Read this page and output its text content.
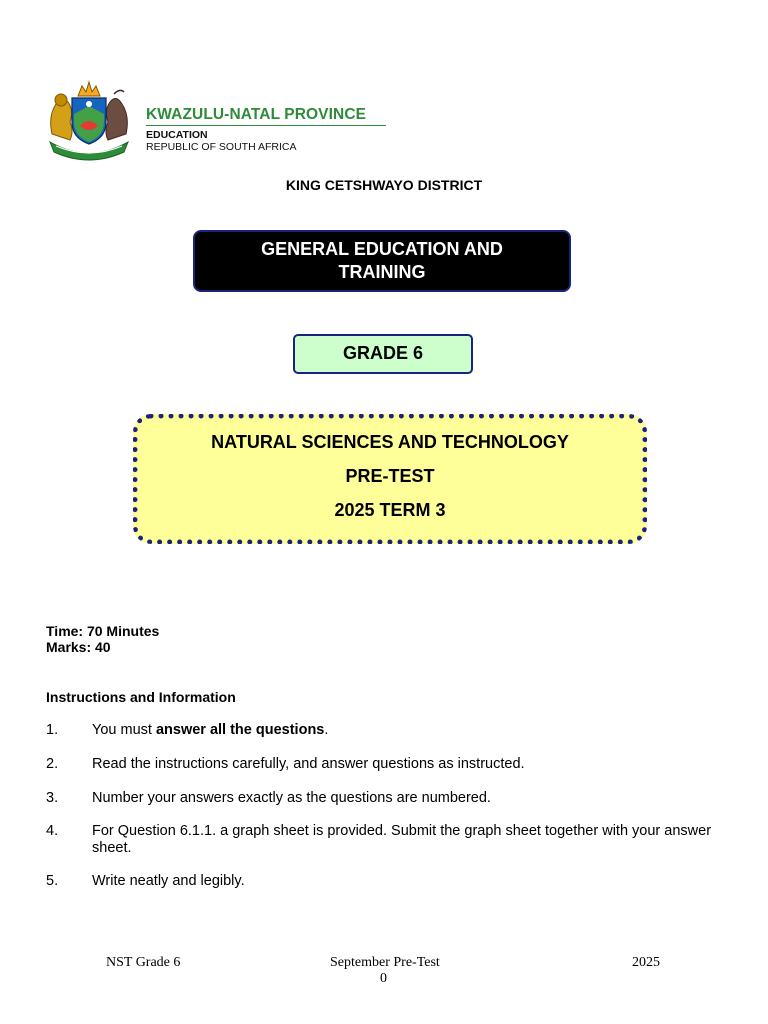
KWAZULU-NATAL PROVINCE
EDUCATION
REPUBLIC OF SOUTH AFRICA
KING CETSHWAYO DISTRICT
GENERAL EDUCATION AND TRAINING
GRADE 6
NATURAL SCIENCES AND TECHNOLOGY
PRE-TEST
2025 TERM 3
Time: 70 Minutes
Marks: 40
Instructions and Information
1. You must answer all the questions.
2. Read the instructions carefully, and answer questions as instructed.
3. Number your answers exactly as the questions are numbered.
4. For Question 6.1.1. a graph sheet is provided. Submit the graph sheet together with your answer sheet.
5. Write neatly and legibly.
NST Grade 6	September Pre-Test	2025
0
